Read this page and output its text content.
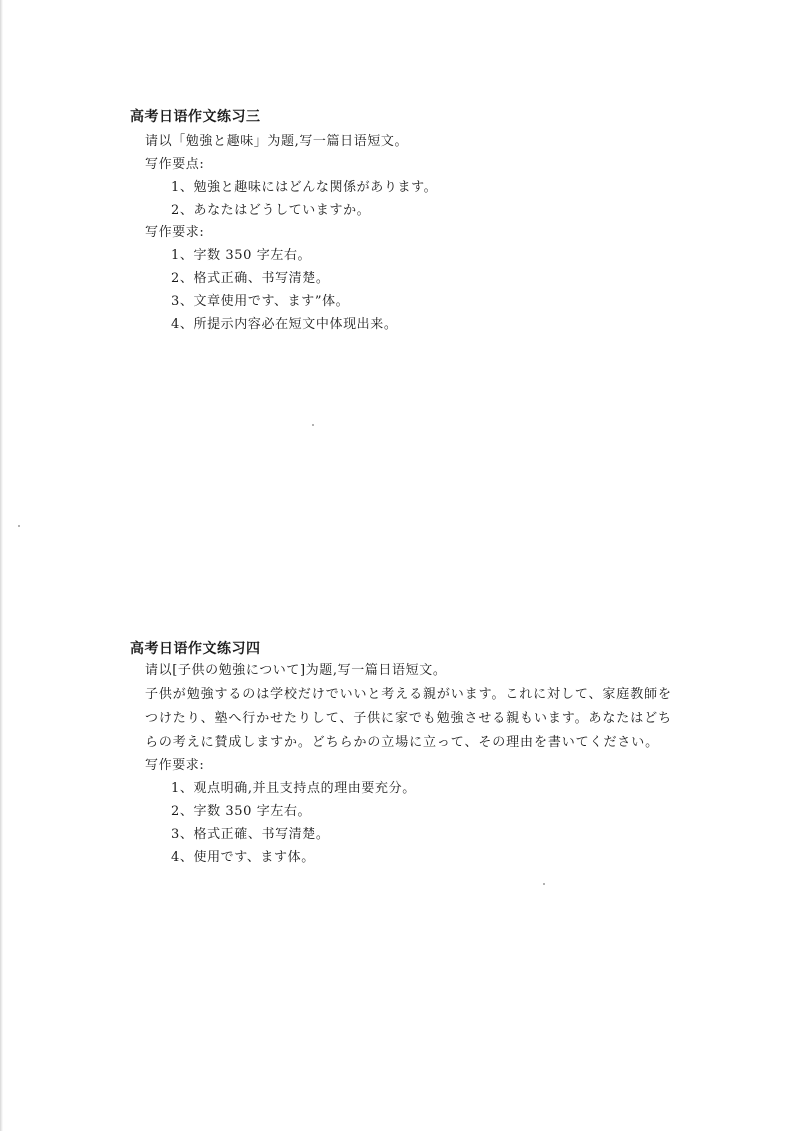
高考日语作文练习三
请以「勉強と趣味」为题,写一篇日语短文。
写作要点:
1、勉強と趣味にはどんな関係があります。
2、あなたはどうしていますか。
写作要求:
1、字数 350 字左右。
2、格式正确、书写清楚。
3、文章使用です、ます”体。
4、所提示内容必在短文中体现出来。
高考日语作文练习四
请以[子供の勉強について]为题,写一篇日语短文。
子供が勉強するのは学校だけでいいと考える親がいます。これに対して、家庭教師を
つけたり、塾へ行かせたりして、子供に家でも勉強させる親もいます。あなたはどち
らの考えに賛成しますか。どちらかの立場に立って、その理由を書いてください。
写作要求:
1、观点明确,并且支持点的理由要充分。
2、字数 350 字左右。
3、格式正確、书写清楚。
4、使用です、ます体。
